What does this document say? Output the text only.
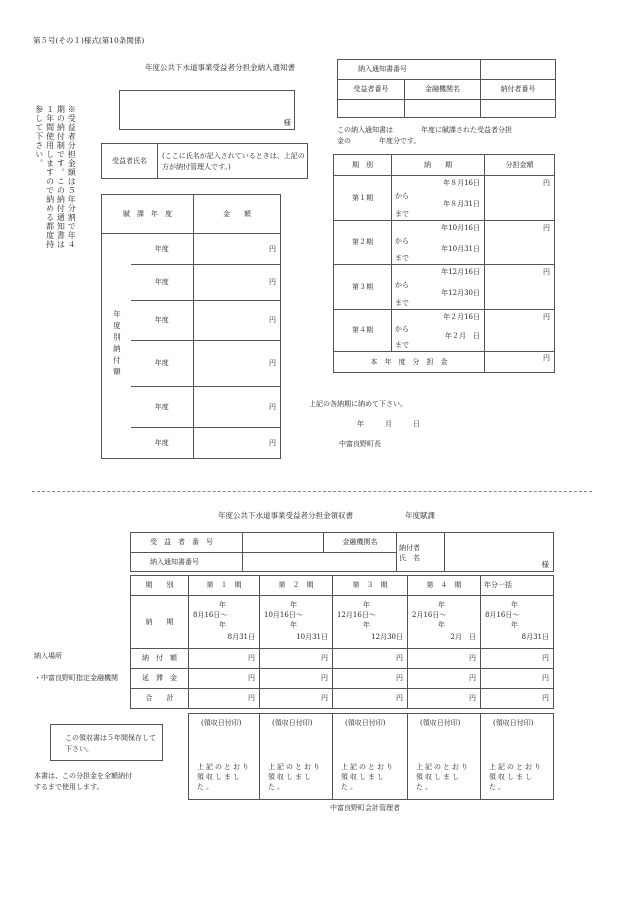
第５号(その１)様式(第10条関係)
年度公共下水道事業受益者分担金納入通知書
※受益者分担金額は５年分割で年４期の納付制です。この納付通知書は１年間使用しますので納める都度持参して下さい。	様
受益者氏名
(ここに氏名が記入されているときは、上記の方が納付管理人です。)
賦　課　年　度		金　　額
年度別納付額	年度	円
	年度	円
	年度	円
	年度	円
	年度	円
	年度	円
納入通知書番号		
受益者番号	金融機関名	納付者番号

この納入通知書は　　　　年度に賦課された受益者分担
金の　　　　年度分です。
期　別	納　　期	分担金額
第１期	年８月16日
から
年８月31日
まで	円

第２期	年10月16日
から
年10月31日
まで	円

第３期	年12月16日
から
年12月30日
まで	円

第４期	年２月16日
から
年２月　日
まで	円

本　年　度　分　担　金		円
上記の各納期に納めて下さい。
年　　　月　　　日
中富良野町長
年度公共下水道事業受益者分担金領収書	年度賦課
受　益　者　番　号		金融機関名	納付者
氏　名	様

納入通知書番号				
期　　別	第　１　期	第　２　期	第　３　期	第　４　期	年分一括
納　　期	年
8月16日～
年
8月31日	年
10月16日～
年
10月31日	年
12月16日～
年
12月30日	年
2月16日～
年
2月　日	年
8月16日～
年
8月31日

納　付　額	円	円	円	円	円
延　滞　金	円	円	円	円	円
合　　計	円	円	円	円	円
(領収日付印)
上記のとおり領収しました。

(領収日付印)
上記のとおり領収しました。

(領収日付印)
上記のとおり領収しました。

(領収日付印)
上記のとおり領収しました。

(領収日付印)
上記のとおり領収しました。
納入場所
・中富良野町指定金融機関
この領収書は５年間保存して下さい。
本書は、この分担金を全額納付するまで使用します。
中富良野町会計管理者
